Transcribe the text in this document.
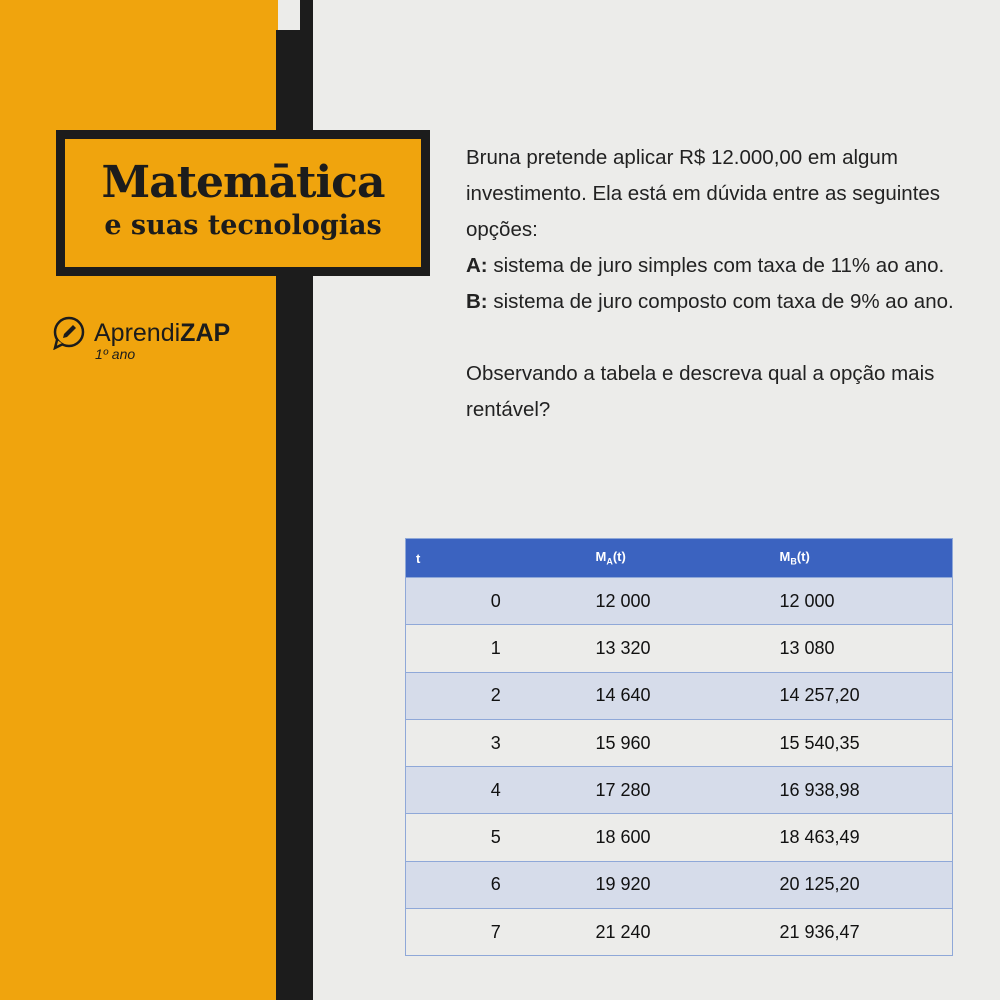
Matemātica
e suas tecnologias
AprendiZAP
1º ano

Bruna pretende aplicar R$ 12.000,00 em algum investimento. Ela está em dúvida entre as seguintes opções:

A: sistema de juro simples com taxa de 11% ao ano.

B: sistema de juro composto com taxa de 9% ao ano.

Observando a tabela e descreva qual a opção mais rentável?

t	$M_A(t)$	$M_B(t)$
0	12 000	12 000
1	13 320	13 080
2	14 640	14 257,20
3	15 960	15 540,35
4	17 280	16 938,98
5	18 600	18 463,49
6	19 920	20 125,20
7	21 240	21 936,47
